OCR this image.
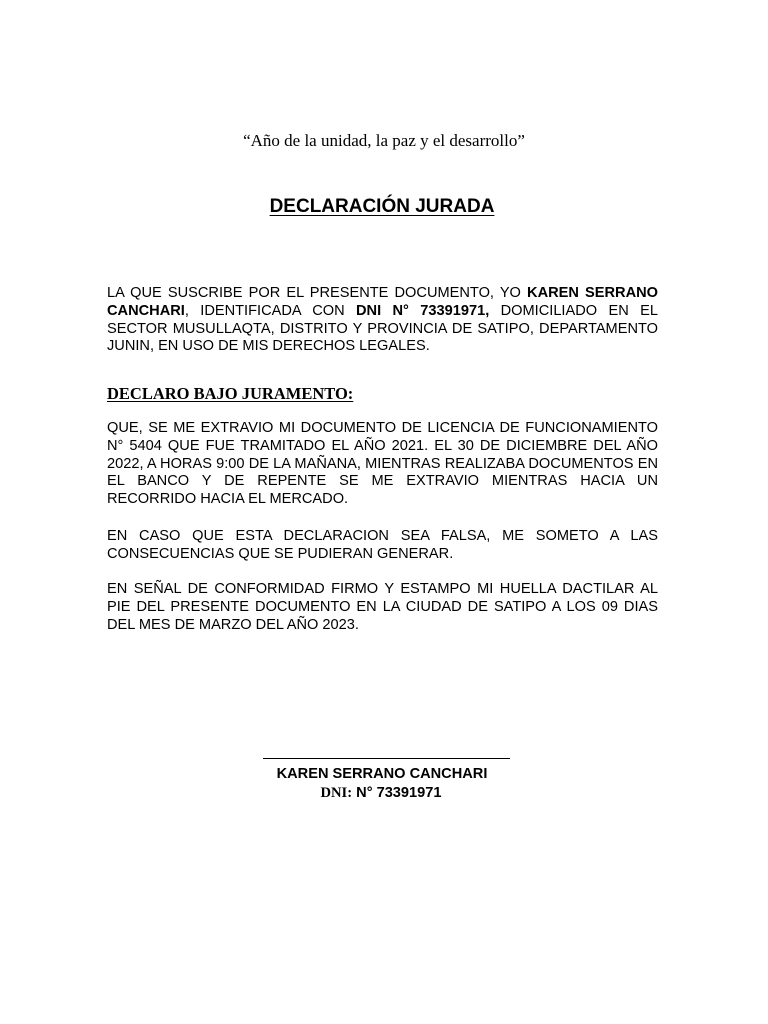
“Año de la unidad, la paz y el desarrollo”
DECLARACIÓN JURADA

LA QUE SUSCRIBE POR EL PRESENTE DOCUMENTO, YO KAREN SERRANO CANCHARI, IDENTIFICADA CON DNI N° 73391971, DOMICILIADO EN EL SECTOR MUSULLAQTA, DISTRITO Y PROVINCIA DE SATIPO, DEPARTAMENTO JUNIN, EN USO DE MIS DERECHOS LEGALES.

DECLARO BAJO JURAMENTO:

QUE, SE ME EXTRAVIO MI DOCUMENTO DE LICENCIA DE FUNCIONAMIENTO N° 5404 QUE FUE TRAMITADO EL AÑO 2021. EL 30 DE DICIEMBRE DEL AÑO 2022, A HORAS 9:00 DE LA MAÑANA, MIENTRAS REALIZABA DOCUMENTOS EN EL BANCO Y DE REPENTE SE ME EXTRAVIO MIENTRAS HACIA UN RECORRIDO HACIA EL MERCADO.

EN CASO QUE ESTA DECLARACION SEA FALSA, ME SOMETO A LAS CONSECUENCIAS QUE SE PUDIERAN GENERAR.

EN SEÑAL DE CONFORMIDAD FIRMO Y ESTAMPO MI HUELLA DACTILAR AL PIE DEL PRESENTE DOCUMENTO EN LA CIUDAD DE SATIPO A LOS 09 DIAS DEL MES DE MARZO DEL AÑO 2023.

KAREN SERRANO CANCHARI
DNI: N° 73391971
